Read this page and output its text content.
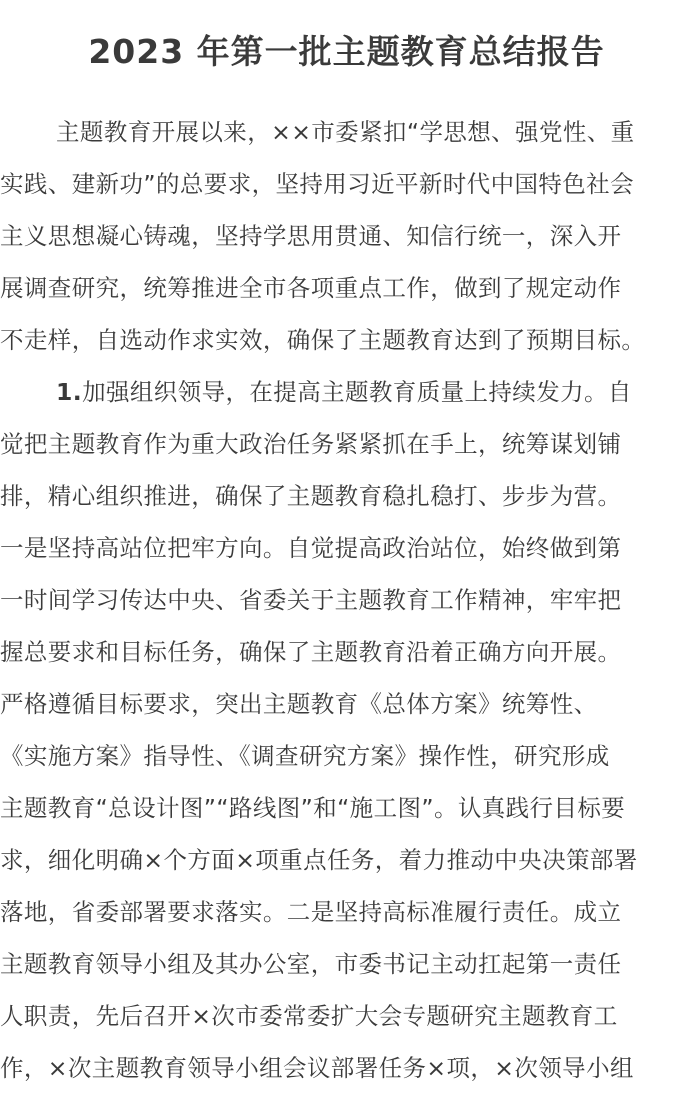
2023 年第一批主题教育总结报告
主题教育开展以来，××市委紧扣“学思想、强党性、重
实践、建新功”的总要求，坚持用习近平新时代中国特色社会
主义思想凝心铸魂，坚持学思用贯通、知信行统一，深入开
展调查研究，统筹推进全市各项重点工作，做到了规定动作
不走样，自选动作求实效，确保了主题教育达到了预期目标。
1.加强组织领导，在提高主题教育质量上持续发力。自
觉把主题教育作为重大政治任务紧紧抓在手上，统筹谋划铺
排，精心组织推进，确保了主题教育稳扎稳打、步步为营。
一是坚持高站位把牢方向。自觉提高政治站位，始终做到第
一时间学习传达中央、省委关于主题教育工作精神，牢牢把
握总要求和目标任务，确保了主题教育沿着正确方向开展。
严格遵循目标要求，突出主题教育《总体方案》统筹性、
《实施方案》指导性、《调查研究方案》操作性，研究形成
主题教育“总设计图”“路线图”和“施工图”。认真践行目标要
求，细化明确×个方面×项重点任务，着力推动中央决策部署
落地，省委部署要求落实。二是坚持高标准履行责任。成立
主题教育领导小组及其办公室，市委书记主动扛起第一责任
人职责，先后召开×次市委常委扩大会专题研究主题教育工
作，×次主题教育领导小组会议部署任务×项，×次领导小组
